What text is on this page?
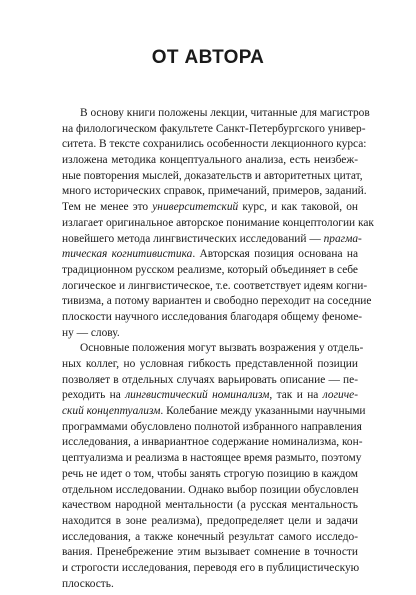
ОТ АВТОРА
В основу книги положены лекции, читанные для магистров
на филологическом факультете Санкт-Петербургского универ-
ситета. В тексте сохранились особенности лекционного курса:
изложена методика концептуального анализа, есть неизбеж-
ные повторения мыслей, доказательств и авторитетных цитат,
много исторических справок, примечаний, примеров, заданий.
Тем не менее это университетский курс, и как таковой, он
излагает оригинальное авторское понимание концептологии как
новейшего метода лингвистических исследований — прагма-
тическая когнитивистика. Авторская позиция основана на
традиционном русском реализме, который объединяет в себе
логическое и лингвистическое, т.е. соответствует идеям когни-
тивизма, а потому вариантен и свободно переходит на соседние
плоскости научного исследования благодаря общему феноме-
ну — слову.
Основные положения могут вызвать возражения у отдель-
ных коллег, но условная гибкость представленной позиции
позволяет в отдельных случаях варьировать описание — пе-
реходить на лингвистический номинализм, так и на логиче-
ский концептуализм. Колебание между указанными научными
программами обусловлено полнотой избранного направления
исследования, а инвариантное содержание номинализма, кон-
цептуализма и реализма в настоящее время размыто, поэтому
речь не идет о том, чтобы занять строгую позицию в каждом
отдельном исследовании. Однако выбор позиции обусловлен
качеством народной ментальности (а русская ментальность
находится в зоне реализма), предопределяет цели и задачи
исследования, а также конечный результат самого исследо-
вания. Пренебрежение этим вызывает сомнение в точности
и строгости исследования, переводя его в публицистическую
плоскость.
